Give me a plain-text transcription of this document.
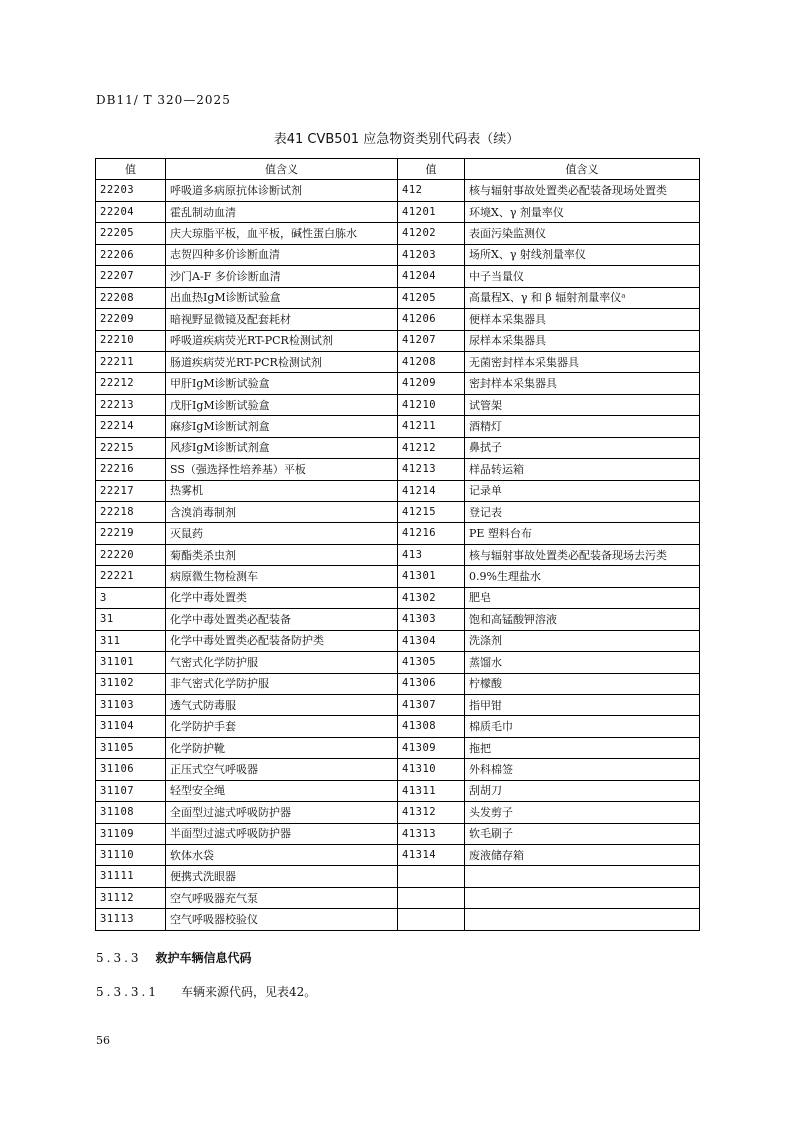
DB11/ T 320—2025
表41 CVB501 应急物资类别代码表（续）
值	值含义	值	值含义
22203	呼吸道多病原抗体诊断试剂	412	核与辐射事故处置类必配装备现场处置类
22204	霍乱制动血清	41201	环境X、γ 剂量率仪
22205	庆大琼脂平板，血平板，碱性蛋白胨水	41202	表面污染监测仪
22206	志贺四种多价诊断血清	41203	场所X、γ 射线剂量率仪
22207	沙门A-F 多价诊断血清	41204	中子当量仪
22208	出血热IgM诊断试验盒	41205	高量程X、γ 和 β 辐射剂量率仪ᵃ
22209	暗视野显微镜及配套耗材	41206	便样本采集器具
22210	呼吸道疾病荧光RT-PCR检测试剂	41207	尿样本采集器具
22211	肠道疾病荧光RT-PCR检测试剂	41208	无菌密封样本采集器具
22212	甲肝IgM诊断试验盒	41209	密封样本采集器具
22213	戊肝IgM诊断试验盒	41210	试管架
22214	麻疹IgM诊断试剂盒	41211	酒精灯
22215	风疹IgM诊断试剂盒	41212	鼻拭子
22216	SS（强选择性培养基）平板	41213	样品转运箱
22217	热雾机	41214	记录单
22218	含溴消毒制剂	41215	登记表
22219	灭鼠药	41216	PE 塑料台布
22220	菊酯类杀虫剂	413	核与辐射事故处置类必配装备现场去污类
22221	病原微生物检测车	41301	0.9%生理盐水
3	化学中毒处置类	41302	肥皂
31	化学中毒处置类必配装备	41303	饱和高锰酸钾溶液
311	化学中毒处置类必配装备防护类	41304	洗涤剂
31101	气密式化学防护服	41305	蒸馏水
31102	非气密式化学防护服	41306	柠檬酸
31103	透气式防毒服	41307	指甲钳
31104	化学防护手套	41308	棉质毛巾
31105	化学防护靴	41309	拖把
31106	正压式空气呼吸器	41310	外科棉签
31107	轻型安全绳	41311	刮胡刀
31108	全面型过滤式呼吸防护器	41312	头发剪子
31109	半面型过滤式呼吸防护器	41313	软毛刷子
31110	软体水袋	41314	废液储存箱
31111	便携式洗眼器		
31112	空气呼吸器充气泵		
31113	空气呼吸器校验仪		
5.3.3 救护车辆信息代码
5.3.3.1 车辆来源代码，见表42。
56
